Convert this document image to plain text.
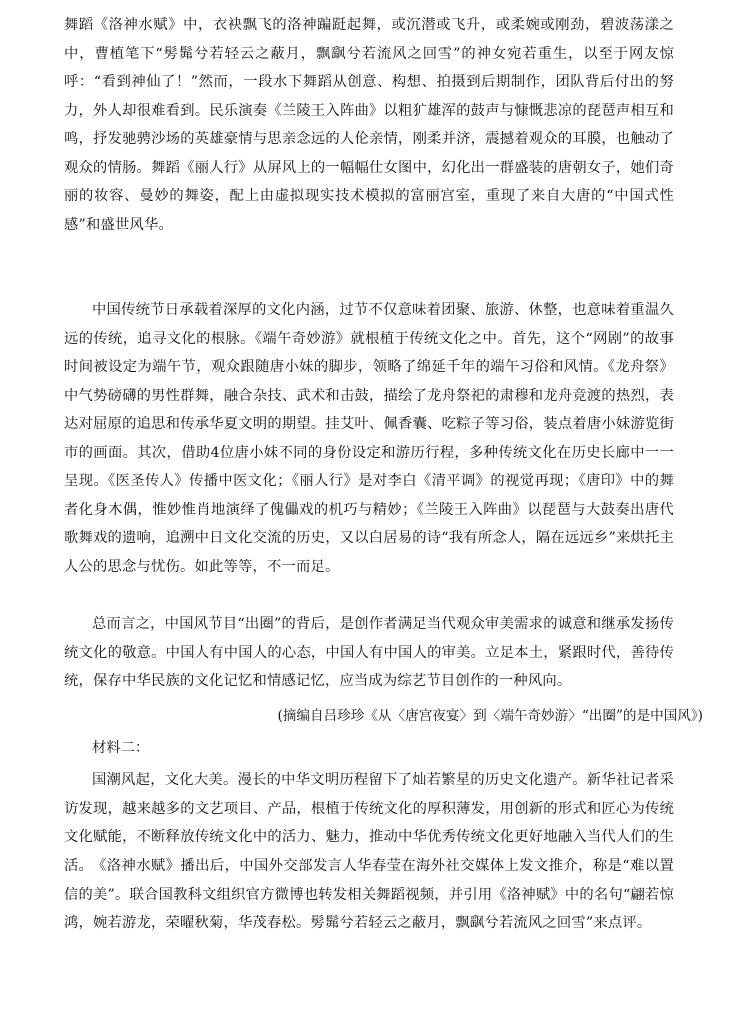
舞蹈《洛神水赋》中，衣袂飘飞的洛神蹁跹起舞，或沉潜或飞升，或柔婉或刚劲，碧波荡漾之中，曹植笔下“髣髴兮若轻云之蔽月，飘飖兮若流风之回雪”的神女宛若重生，以至于网友惊呼：“看到神仙了！”然而，一段水下舞蹈从创意、构想、拍摄到后期制作，团队背后付出的努力，外人却很难看到。民乐演奏《兰陵王入阵曲》以粗犷雄浑的鼓声与慷慨悲凉的琵琶声相互和鸣，抒发驰骋沙场的英雄豪情与思亲念远的人伦亲情，刚柔并济，震撼着观众的耳膜，也触动了观众的情肠。舞蹈《丽人行》从屏风上的一幅幅仕女图中，幻化出一群盛装的唐朝女子，她们奇丽的妆容、曼妙的舞姿，配上由虚拟现实技术模拟的富丽宫室，重现了来自大唐的“中国式性感”和盛世风华。

中国传统节日承载着深厚的文化内涵，过节不仅意味着团聚、旅游、休整，也意味着重温久远的传统，追寻文化的根脉。《端午奇妙游》就根植于传统文化之中。首先，这个“网剧”的故事时间被设定为端午节，观众跟随唐小妹的脚步，领略了绵延千年的端午习俗和风情。《龙舟祭》中气势磅礴的男性群舞，融合杂技、武术和击鼓，描绘了龙舟祭祀的肃穆和龙舟竞渡的热烈，表达对屈原的追思和传承华夏文明的期望。挂艾叶、佩香囊、吃粽子等习俗，装点着唐小妹游览街市的画面。其次，借助4位唐小妹不同的身份设定和游历行程，多种传统文化在历史长廊中一一呈现。《医圣传人》传播中医文化；《丽人行》是对李白《清平调》的视觉再现；《唐印》中的舞者化身木偶，惟妙惟肖地演绎了傀儡戏的机巧与精妙；《兰陵王入阵曲》以琵琶与大鼓奏出唐代歌舞戏的遗响，追溯中日文化交流的历史，又以白居易的诗“我有所念人，隔在远远乡”来烘托主人公的思念与忧伤。如此等等，不一而足。

总而言之，中国风节目“出圈”的背后，是创作者满足当代观众审美需求的诚意和继承发扬传统文化的敬意。中国人有中国人的心态，中国人有中国人的审美。立足本土，紧跟时代，善待传统，保存中华民族的文化记忆和情感记忆，应当成为综艺节目创作的一种风向。

(摘编自吕珍珍《从〈唐宫夜宴〉到〈端午奇妙游〉“出圈”的是中国风》)
材料二：

国潮风起，文化大美。漫长的中华文明历程留下了灿若繁星的历史文化遗产。新华社记者采访发现，越来越多的文艺项目、产品，根植于传统文化的厚积薄发，用创新的形式和匠心为传统文化赋能，不断释放传统文化中的活力、魅力，推动中华优秀传统文化更好地融入当代人们的生活。 《洛神水赋》播出后，中国外交部发言人华春莹在海外社交媒体上发文推介，称是“难以置信的美”。联合国教科文组织官方微博也转发相关舞蹈视频，并引用《洛神赋》中的名句“翩若惊鸿，婉若游龙，荣曜秋菊，华茂春松。髣髴兮若轻云之蔽月，飘飖兮若流风之回雪”来点评。
